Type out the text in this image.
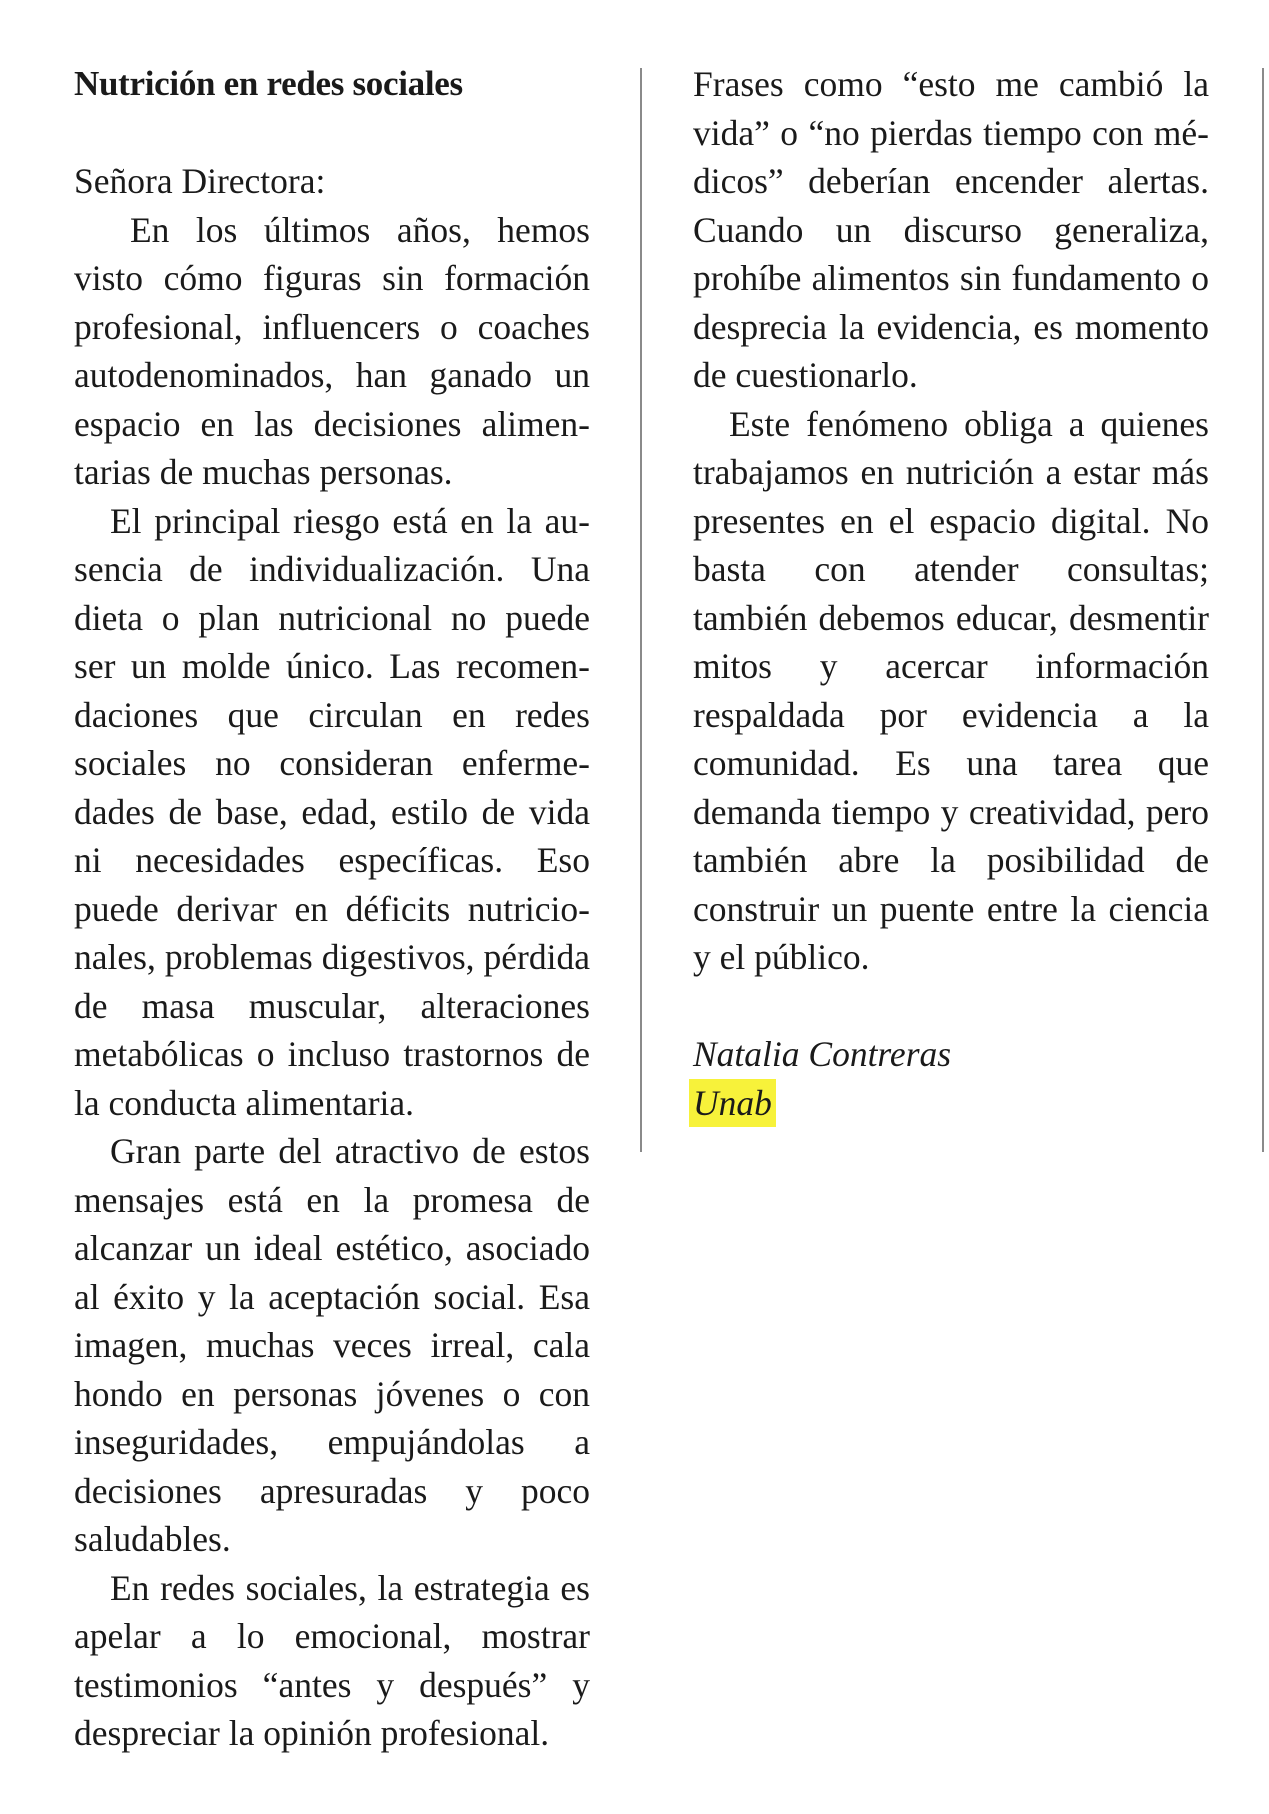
Nutrición en redes sociales
Señora Directora:

En los últimos años, hemos visto cómo figuras sin formación profesional, influencers o coaches autodenominados, han ganado un espacio en las decisiones alimentarias de muchas personas.

El principal riesgo está en la ausencia de individualización. Una dieta o plan nutricional no puede ser un molde único. Las recomendaciones que circulan en redes sociales no consideran enfermedades de base, edad, estilo de vida ni necesidades específicas. Eso puede derivar en déficits nutricionales, problemas digestivos, pérdida de masa muscular, alteraciones metabólicas o incluso trastornos de la conducta alimentaria.

Gran parte del atractivo de estos mensajes está en la promesa de alcanzar un ideal estético, asociado al éxito y la aceptación social. Esa imagen, muchas veces irreal, cala hondo en personas jóvenes o con inseguridades, empujándolas a decisiones apresuradas y poco saludables.

En redes sociales, la estrategia es apelar a lo emocional, mostrar testimonios “antes y después” y despreciar la opinión profesional.

Frases como “esto me cambió la vida” o “no pierdas tiempo con médicos” deberían encender alertas. Cuando un discurso generaliza, prohíbe alimentos sin fundamento o desprecia la evidencia, es momento de cuestionarlo.

Este fenómeno obliga a quienes trabajamos en nutrición a estar más presentes en el espacio digital. No basta con atender consultas; también debemos educar, desmentir mitos y acercar información respaldada por evidencia a la comunidad. Es una tarea que demanda tiempo y creatividad, pero también abre la posibilidad de construir un puente entre la ciencia y el público.

Natalia Contreras
Unab
